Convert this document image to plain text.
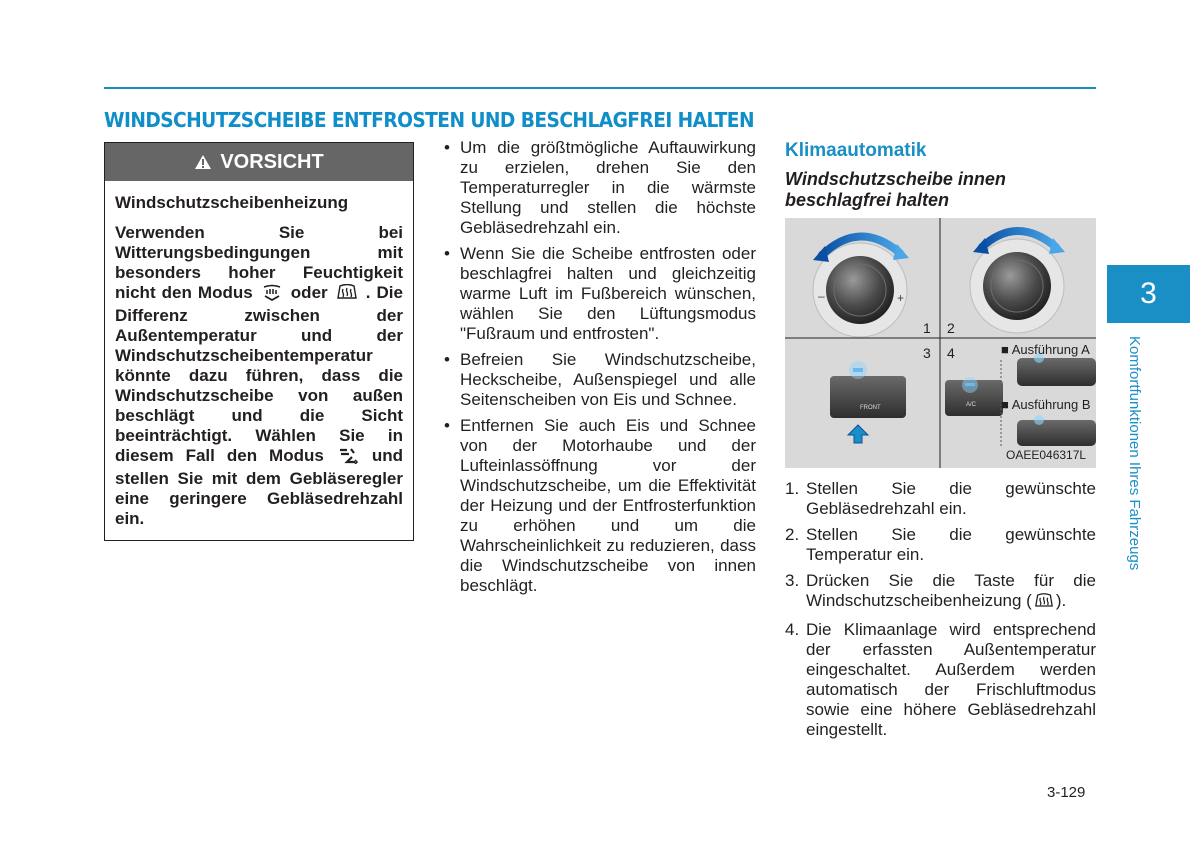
WINDSCHUTZSCHEIBE ENTFROSTEN UND BESCHLAGFREI HALTEN
VORSICHT

Windschutzscheibenheizung

Verwenden Sie bei Witterungsbedingungen mit besonders hoher Feuchtigkeit nicht den Modus oder . Die Differenz zwischen der Außentemperatur und der Windschutzscheibentemperatur könnte dazu führen, dass die Windschutzscheibe von außen beschlägt und die Sicht beeinträchtigt. Wählen Sie in diesem Fall den Modus	und stellen Sie mit dem Gebläseregler eine geringere Gebläsedrehzahl ein.

• Um die größtmögliche Auftauwirkung zu erzielen, drehen Sie den Temperaturregler in die wärmste Stellung und stellen die höchste Gebläsedrehzahl ein.
• Wenn Sie die Scheibe entfrosten oder beschlagfrei halten und gleichzeitig warme Luft im Fußbereich wünschen, wählen Sie den Lüftungsmodus "Fußraum und entfrosten".
• Befreien Sie Windschutzscheibe, Heckscheibe, Außenspiegel und alle Seitenscheiben von Eis und Schnee.
• Entfernen Sie auch Eis und Schnee von der Motorhaube und der Lufteinlassöffnung vor der Windschutzscheibe, um die Effektivität der Heizung und der Entfrosterfunktion zu erhöhen und um die Wahrscheinlichkeit zu reduzieren, dass die Windschutzscheibe von innen beschlägt.
Klimaautomatik
Windschutzscheibe innen beschlagfrei halten
–	+
FRONT	A/C
1 2
3 4	■ Ausführung A
■ Ausführung B
OAEE046317L
1. Stellen Sie die gewünschte Gebläsedrehzahl ein.
2. Stellen Sie die gewünschte Temperatur ein.
3. Drücken Sie die Taste für die Windschutzscheibenheizung ( ).
4. Die Klimaanlage wird entsprechend der erfassten Außentemperatur eingeschaltet. Außerdem werden automatisch der Frischluftmodus sowie eine höhere Gebläsedrehzahl eingestellt.
3

Komfortfunktionen Ihres Fahrzeugs

3-129
